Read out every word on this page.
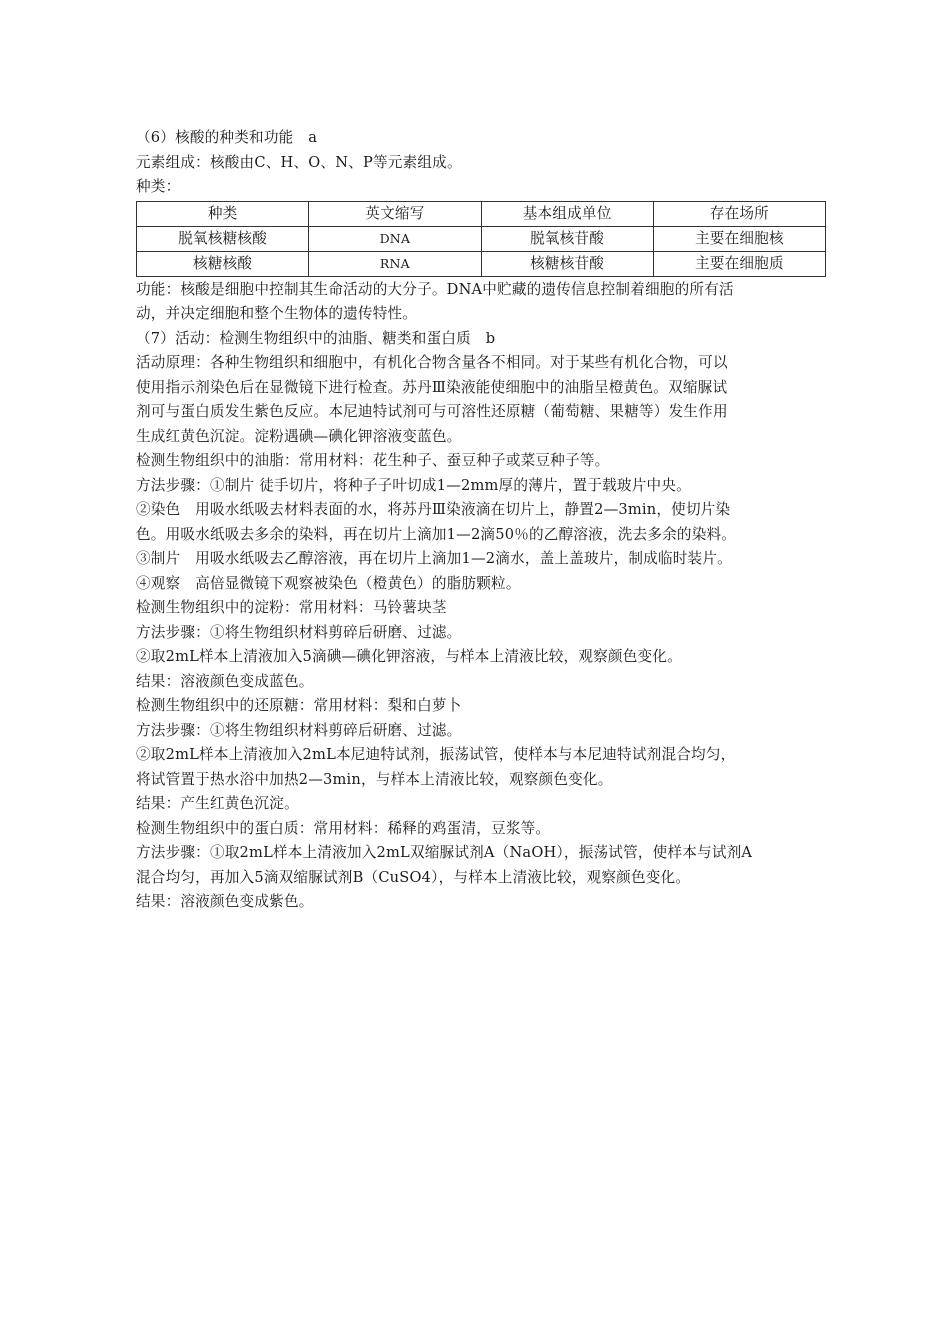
（6）核酸的种类和功能　a
元素组成：核酸由C、H、O、N、P等元素组成。
种类：
种类	英文缩写	基本组成单位	存在场所
脱氧核糖核酸	DNA	脱氧核苷酸	主要在细胞核
核糖核酸	RNA	核糖核苷酸	主要在细胞质
功能：核酸是细胞中控制其生命活动的大分子。DNA中贮藏的遗传信息控制着细胞的所有活
动，并决定细胞和整个生物体的遗传特性。
（7）活动：检测生物组织中的油脂、糖类和蛋白质　b
活动原理：各种生物组织和细胞中，有机化合物含量各不相同。对于某些有机化合物，可以
使用指示剂染色后在显微镜下进行检查。苏丹Ⅲ染液能使细胞中的油脂呈橙黄色。双缩脲试
剂可与蛋白质发生紫色反应。本尼迪特试剂可与可溶性还原糖（葡萄糖、果糖等）发生作用
生成红黄色沉淀。淀粉遇碘—碘化钾溶液变蓝色。
检测生物组织中的油脂：常用材料：花生种子、蚕豆种子或菜豆种子等。
方法步骤：①制片 徒手切片，将种子子叶切成1—2mm厚的薄片，置于载玻片中央。
②染色　用吸水纸吸去材料表面的水，将苏丹Ⅲ染液滴在切片上，静置2—3min，使切片染
色。用吸水纸吸去多余的染料，再在切片上滴加1—2滴50％的乙醇溶液，洗去多余的染料。
③制片　用吸水纸吸去乙醇溶液，再在切片上滴加1—2滴水，盖上盖玻片，制成临时装片。
④观察　高倍显微镜下观察被染色（橙黄色）的脂肪颗粒。
检测生物组织中的淀粉：常用材料：马铃薯块茎
方法步骤：①将生物组织材料剪碎后研磨、过滤。
②取2mL样本上清液加入5滴碘—碘化钾溶液，与样本上清液比较，观察颜色变化。
结果：溶液颜色变成蓝色。
检测生物组织中的还原糖：常用材料：梨和白萝卜
方法步骤：①将生物组织材料剪碎后研磨、过滤。
②取2mL样本上清液加入2mL本尼迪特试剂，振荡试管，使样本与本尼迪特试剂混合均匀，
将试管置于热水浴中加热2—3min，与样本上清液比较，观察颜色变化。
结果：产生红黄色沉淀。
检测生物组织中的蛋白质：常用材料：稀释的鸡蛋清，豆浆等。
方法步骤：①取2mL样本上清液加入2mL双缩脲试剂A（NaOH），振荡试管，使样本与试剂A
混合均匀，再加入5滴双缩脲试剂B（CuSO4），与样本上清液比较，观察颜色变化。
结果：溶液颜色变成紫色。
